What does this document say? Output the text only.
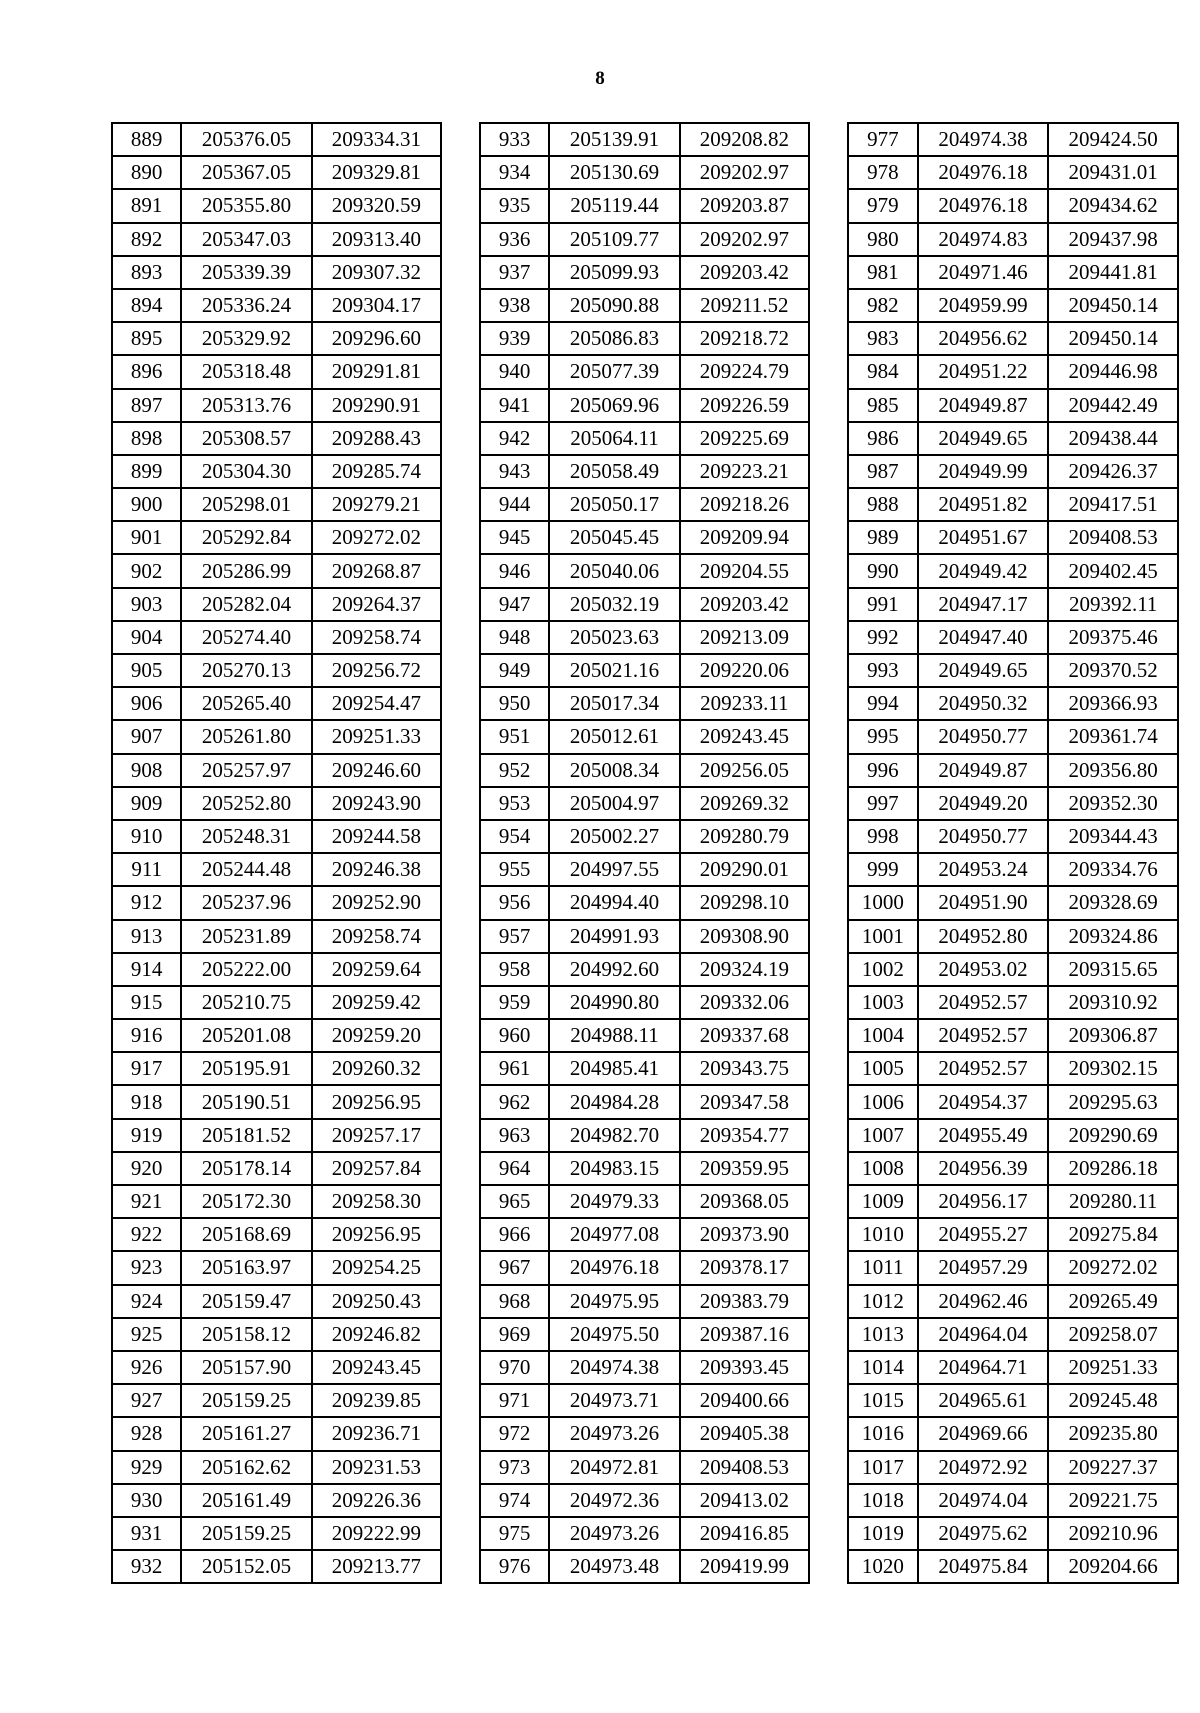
8
889	205376.05	209334.31
890	205367.05	209329.81
891	205355.80	209320.59
892	205347.03	209313.40
893	205339.39	209307.32
894	205336.24	209304.17
895	205329.92	209296.60
896	205318.48	209291.81
897	205313.76	209290.91
898	205308.57	209288.43
899	205304.30	209285.74
900	205298.01	209279.21
901	205292.84	209272.02
902	205286.99	209268.87
903	205282.04	209264.37
904	205274.40	209258.74
905	205270.13	209256.72
906	205265.40	209254.47
907	205261.80	209251.33
908	205257.97	209246.60
909	205252.80	209243.90
910	205248.31	209244.58
911	205244.48	209246.38
912	205237.96	209252.90
913	205231.89	209258.74
914	205222.00	209259.64
915	205210.75	209259.42
916	205201.08	209259.20
917	205195.91	209260.32
918	205190.51	209256.95
919	205181.52	209257.17
920	205178.14	209257.84
921	205172.30	209258.30
922	205168.69	209256.95
923	205163.97	209254.25
924	205159.47	209250.43
925	205158.12	209246.82
926	205157.90	209243.45
927	205159.25	209239.85
928	205161.27	209236.71
929	205162.62	209231.53
930	205161.49	209226.36
931	205159.25	209222.99
932	205152.05	209213.77
933	205139.91	209208.82
934	205130.69	209202.97
935	205119.44	209203.87
936	205109.77	209202.97
937	205099.93	209203.42
938	205090.88	209211.52
939	205086.83	209218.72
940	205077.39	209224.79
941	205069.96	209226.59
942	205064.11	209225.69
943	205058.49	209223.21
944	205050.17	209218.26
945	205045.45	209209.94
946	205040.06	209204.55
947	205032.19	209203.42
948	205023.63	209213.09
949	205021.16	209220.06
950	205017.34	209233.11
951	205012.61	209243.45
952	205008.34	209256.05
953	205004.97	209269.32
954	205002.27	209280.79
955	204997.55	209290.01
956	204994.40	209298.10
957	204991.93	209308.90
958	204992.60	209324.19
959	204990.80	209332.06
960	204988.11	209337.68
961	204985.41	209343.75
962	204984.28	209347.58
963	204982.70	209354.77
964	204983.15	209359.95
965	204979.33	209368.05
966	204977.08	209373.90
967	204976.18	209378.17
968	204975.95	209383.79
969	204975.50	209387.16
970	204974.38	209393.45
971	204973.71	209400.66
972	204973.26	209405.38
973	204972.81	209408.53
974	204972.36	209413.02
975	204973.26	209416.85
976	204973.48	209419.99
977	204974.38	209424.50
978	204976.18	209431.01
979	204976.18	209434.62
980	204974.83	209437.98
981	204971.46	209441.81
982	204959.99	209450.14
983	204956.62	209450.14
984	204951.22	209446.98
985	204949.87	209442.49
986	204949.65	209438.44
987	204949.99	209426.37
988	204951.82	209417.51
989	204951.67	209408.53
990	204949.42	209402.45
991	204947.17	209392.11
992	204947.40	209375.46
993	204949.65	209370.52
994	204950.32	209366.93
995	204950.77	209361.74
996	204949.87	209356.80
997	204949.20	209352.30
998	204950.77	209344.43
999	204953.24	209334.76
1000	204951.90	209328.69
1001	204952.80	209324.86
1002	204953.02	209315.65
1003	204952.57	209310.92
1004	204952.57	209306.87
1005	204952.57	209302.15
1006	204954.37	209295.63
1007	204955.49	209290.69
1008	204956.39	209286.18
1009	204956.17	209280.11
1010	204955.27	209275.84
1011	204957.29	209272.02
1012	204962.46	209265.49
1013	204964.04	209258.07
1014	204964.71	209251.33
1015	204965.61	209245.48
1016	204969.66	209235.80
1017	204972.92	209227.37
1018	204974.04	209221.75
1019	204975.62	209210.96
1020	204975.84	209204.66
